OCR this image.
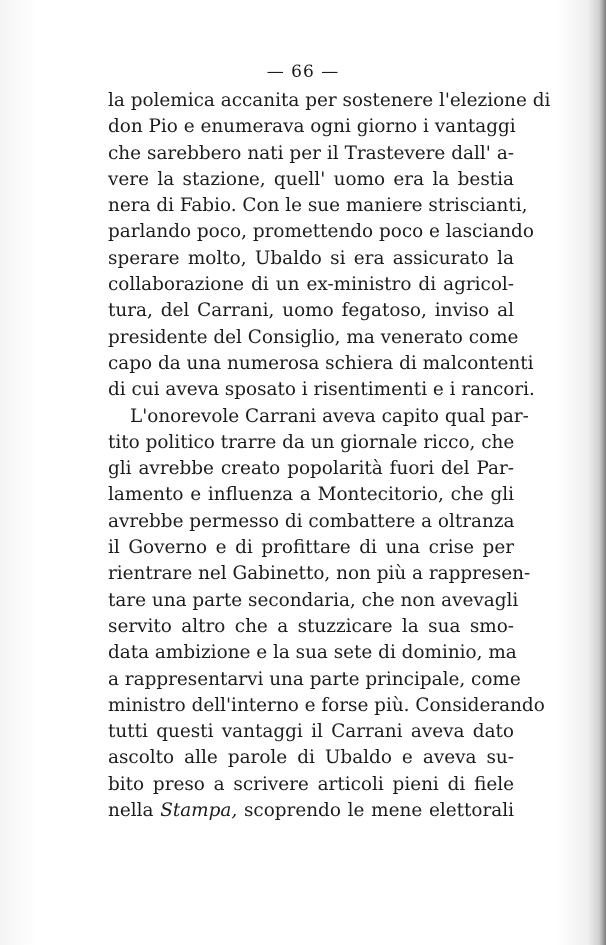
— 66 —
la polemica accanita per sostenere l'elezione di
don Pio e enumerava ogni giorno i vantaggi
che sarebbero nati per il Trastevere dall' a-
vere la stazione, quell' uomo era la bestia
nera di Fabio. Con le sue maniere striscianti,
parlando poco, promettendo poco e lasciando
sperare molto, Ubaldo si era assicurato la
collaborazione di un ex-ministro di agricol-
tura, del Carrani, uomo fegatoso, inviso al
presidente del Consiglio, ma venerato come
capo da una numerosa schiera di malcontenti
di cui aveva sposato i risentimenti e i rancori.
L'onorevole Carrani aveva capito qual par-
tito politico trarre da un giornale ricco, che
gli avrebbe creato popolarità fuori del Par-
lamento e influenza a Montecitorio, che gli
avrebbe permesso di combattere a oltranza
il Governo e di profittare di una crise per
rientrare nel Gabinetto, non più a rappresen-
tare una parte secondaria, che non avevagli
servito altro che a stuzzicare la sua smo-
data ambizione e la sua sete di dominio, ma
a rappresentarvi una parte principale, come
ministro dell'interno e forse più. Considerando
tutti questi vantaggi il Carrani aveva dato
ascolto alle parole di Ubaldo e aveva su-
bito preso a scrivere articoli pieni di fiele
nella Stampa, scoprendo le mene elettorali
